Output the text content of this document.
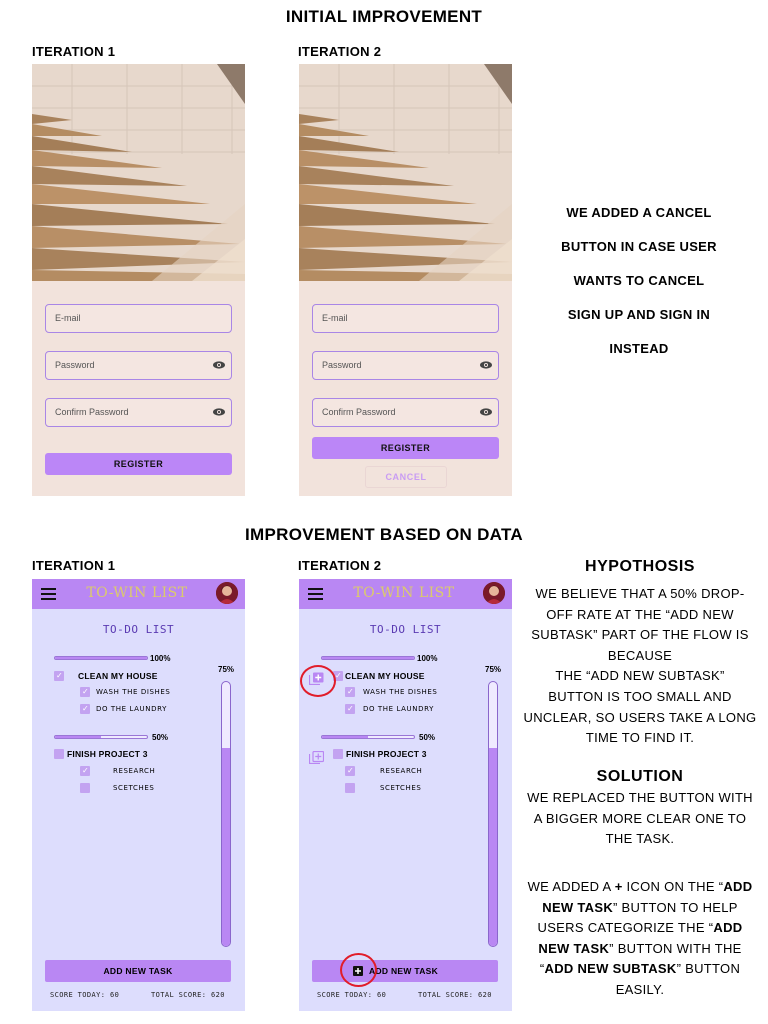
INITIAL IMPROVEMENT
IMPROVEMENT BASED ON DATA
ITERATION 1	ITERATION 2
E-mail
Password
Confirm Password
REGISTER
E-mail
Password
Confirm Password
REGISTER
CANCEL
WE ADDED A CANCEL
BUTTON IN CASE USER
WANTS TO CANCEL
SIGN UP AND SIGN IN
INSTEAD
ITERATION 1	ITERATION 2
TO-WIN LIST
TO-DO LIST
100%
✓ CLEAN MY HOUSE
✓ WASH THE DISHES
✓ DO THE LAUNDRY
50%
FINISH PROJECT 3
✓	RESEARCH
SCETCHES
75%
ADD NEW TASK
SCORE TODAY: 60	TOTAL SCORE: 620
TO-WIN LIST
TO-DO LIST
100%
✓ CLEAN MY HOUSE
✓ WASH THE DISHES
✓ DO THE LAUNDRY
50%
FINISH PROJECT 3
✓	RESEARCH
SCETCHES
75%
ADD NEW TASK
SCORE TODAY: 60	TOTAL SCORE: 620
HYPOTHOSIS
WE BELIEVE THAT A 50% DROP-
OFF RATE AT THE “ADD NEW
SUBTASK” PART OF THE FLOW IS
BECAUSE
THE “ADD NEW SUBTASK”
BUTTON IS TOO SMALL AND
UNCLEAR, SO USERS TAKE A LONG
TIME TO FIND IT.
SOLUTION
WE REPLACED THE BUTTON WITH
A BIGGER MORE CLEAR ONE TO
THE TASK.
WE ADDED A + ICON ON THE “ADD
NEW TASK” BUTTON TO HELP
USERS CATEGORIZE THE “ADD
NEW TASK” BUTTON WITH THE
“ADD NEW SUBTASK” BUTTON
EASILY.
